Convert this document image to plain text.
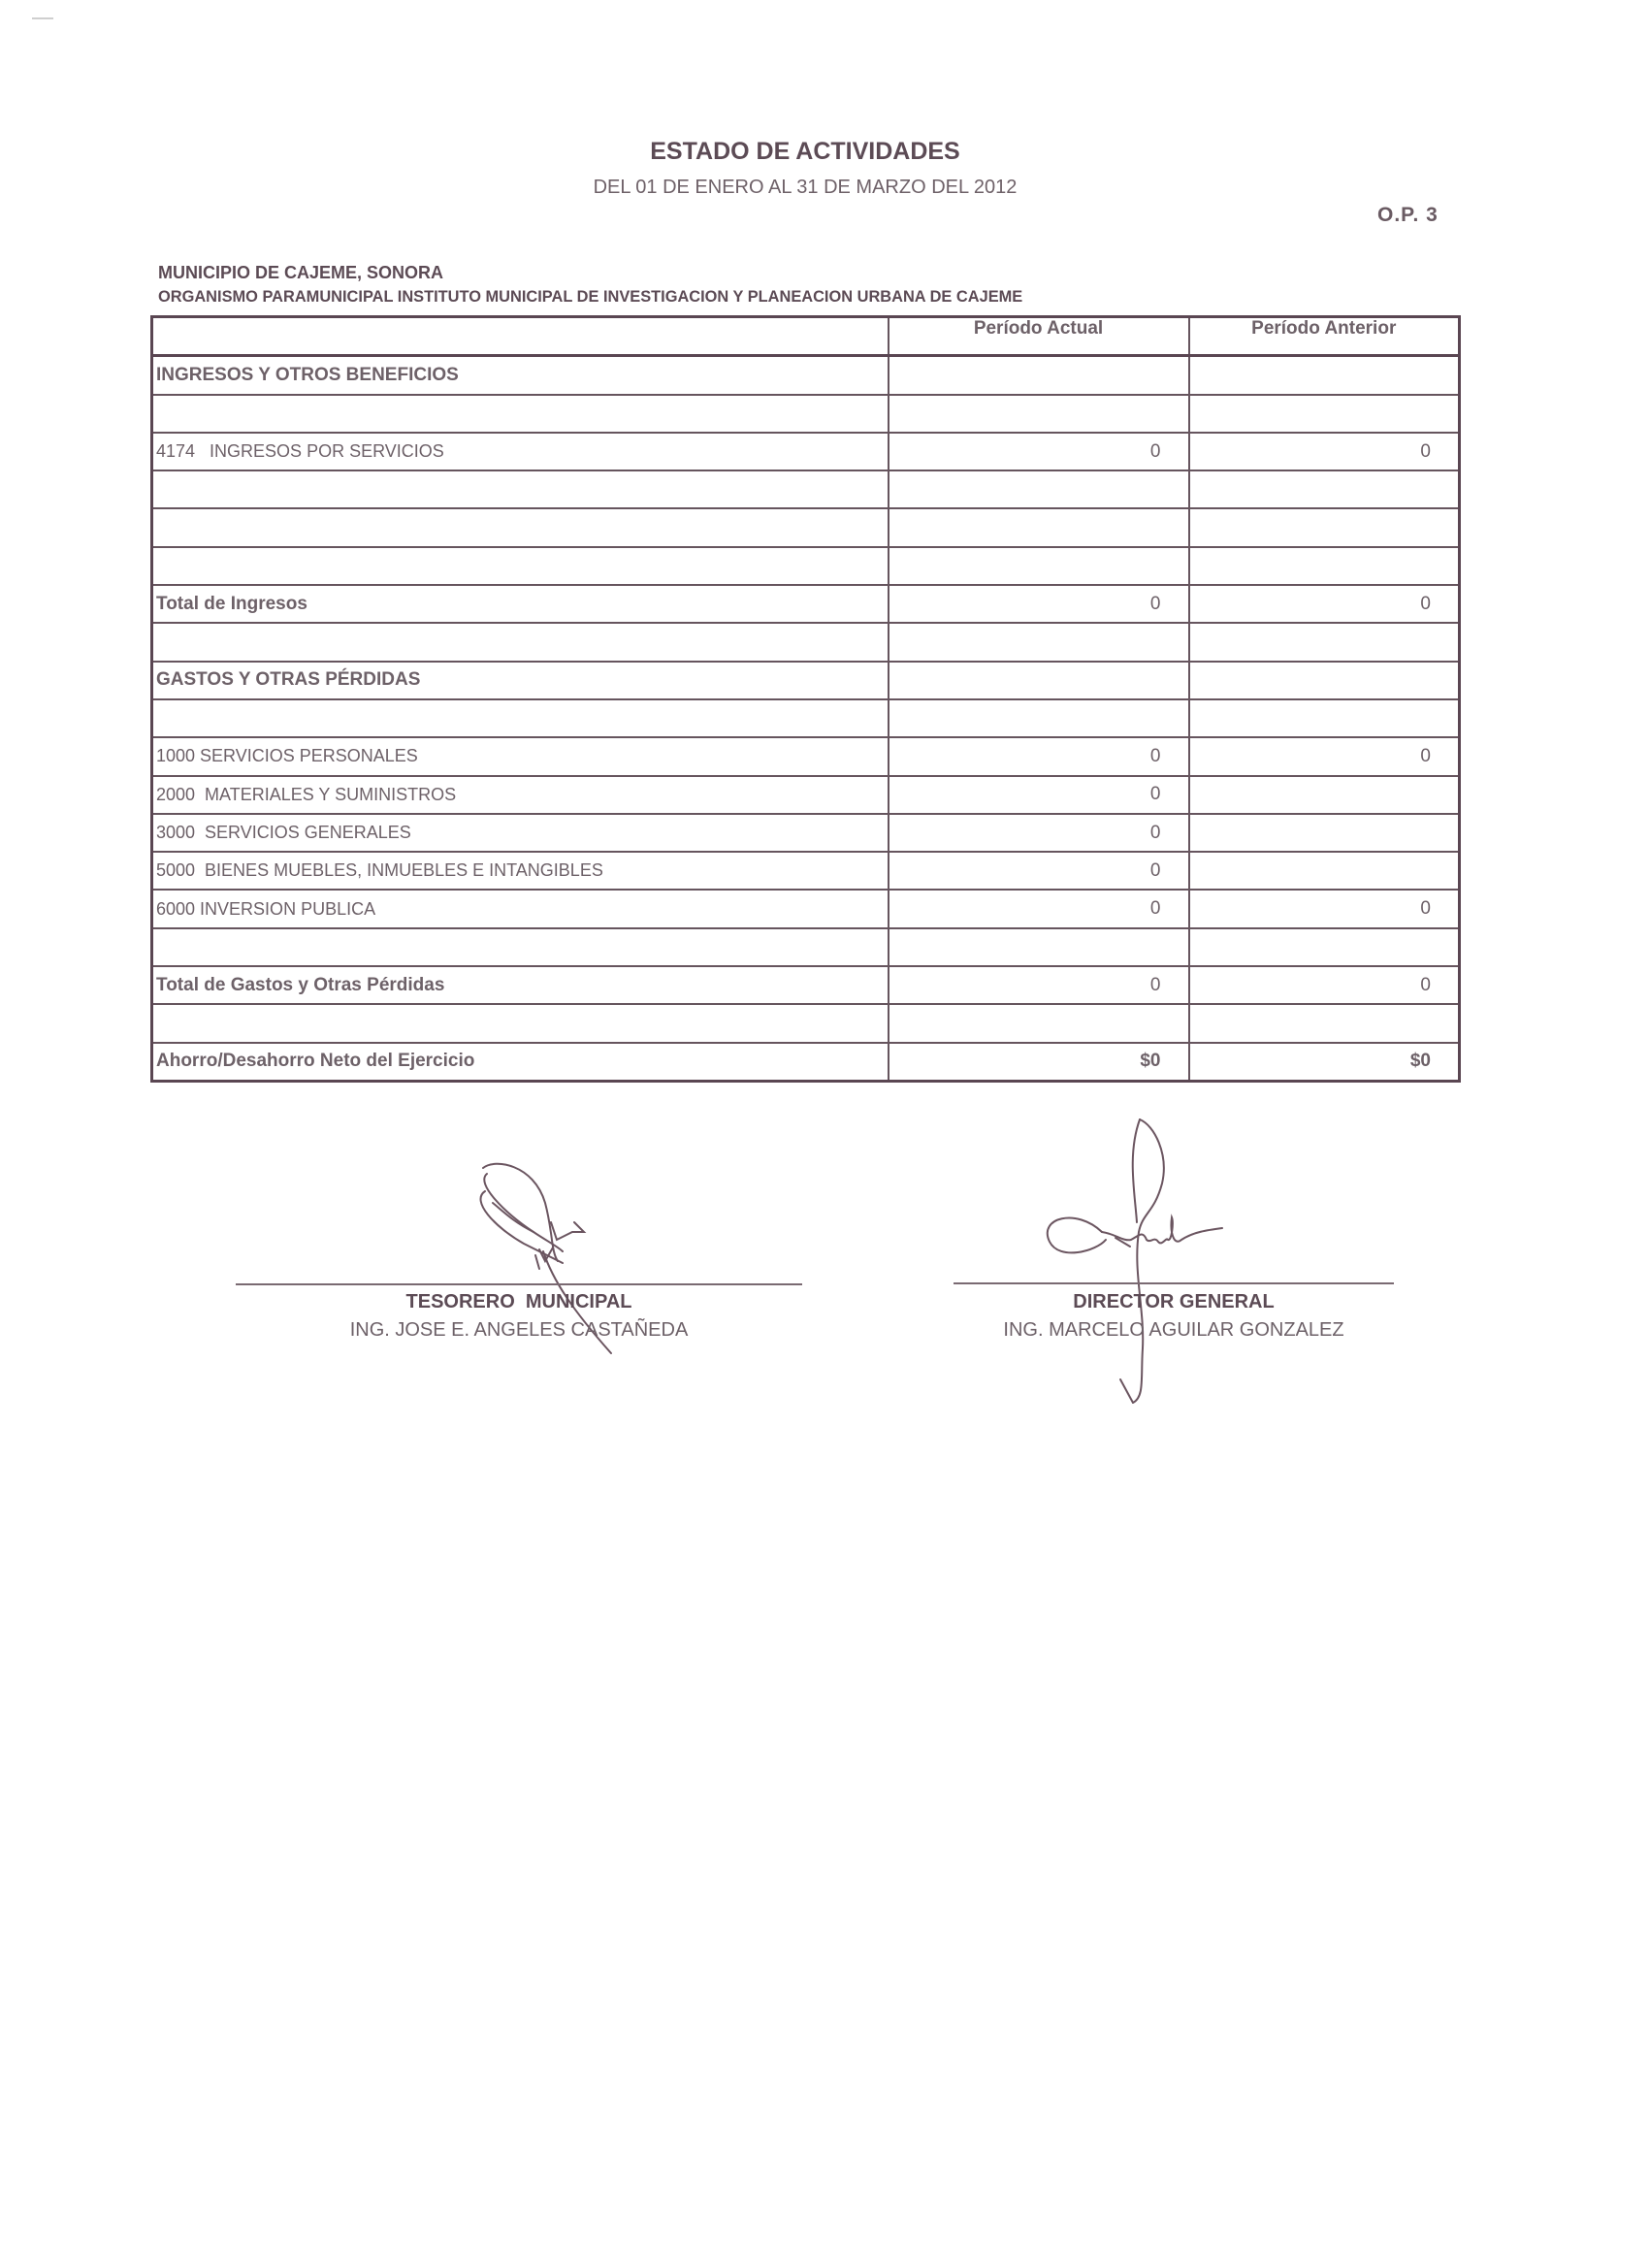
ESTADO DE ACTIVIDADES
DEL 01 DE ENERO AL 31 DE MARZO DEL 2012
O.P. 3
MUNICIPIO DE CAJEME, SONORA
ORGANISMO PARAMUNICIPAL INSTITUTO MUNICIPAL DE INVESTIGACION Y PLANEACION URBANA DE CAJEME
	Período Actual	Período Anterior
INGRESOS Y OTROS BENEFICIOS		

4174   INGRESOS POR SERVICIOS	0	0

Total de Ingresos	0	0

GASTOS Y OTRAS PÉRDIDAS		

1000 SERVICIOS PERSONALES	0	0
2000  MATERIALES Y SUMINISTROS	0	
3000  SERVICIOS GENERALES	0	
5000  BIENES MUEBLES, INMUEBLES E INTANGIBLES	0	
6000 INVERSION PUBLICA	0	0

Total de Gastos y Otras Pérdidas	0	0

Ahorro/Desahorro Neto del Ejercicio	$0	$0
TESORERO  MUNICIPAL
ING. JOSE E. ANGELES CASTAÑEDA
DIRECTOR GENERAL
ING. MARCELO AGUILAR GONZALEZ
